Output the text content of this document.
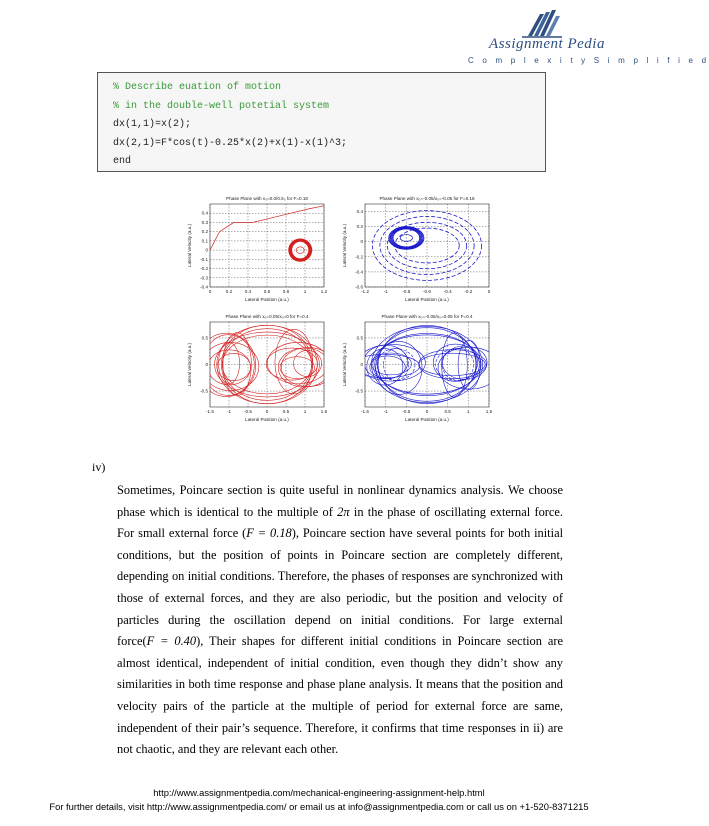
Assignment Pedia
C o m p l e x i t y S i m p l i f i e d
% Describe euation of motion
% in the double-well potetial system
dx(1,1)=x(2);
dx(2,1)=F*cos(t)-0.25*x(2)+x(1)-x(1)^3;
end
Phase Plane with x₀=0.0/0.5₀ for F=0.18
0	0.2	0.4	0.6	0.8	1	1.2
0.4
0.3
0.2
0.1
0
-0.1
-0.2
-0.3
-0.4
Lateral Position (a.u.)
Lateral Velocity (a.u.)
Phase Plane with x₀=-0.05/x₀=-0.05 for F=0.18
-1.2	-1	-0.8	-0.6	-0.4	-0.2	0
0.4
0.2
0
-0.2
-0.4
-0.6
Lateral Position (a.u.)
Lateral Velocity (a.u.)
Phase Plane with x₀=0.05/x₀=0 for F=0.4
-1.5	-1	-0.5	0	0.5	1	1.5
0.5
0
-0.5
Lateral Position (a.u.)
Lateral Velocity (a.u.)
Phase Plane with x₀=-0.05/x₀=0.05 for F=0.4
-1.5	-1	-0.5	0	0.5	1	1.5
0.5
0
-0.5
Lateral Position (a.u.)
Lateral Velocity (a.u.)
iv)
Sometimes, Poincare section is quite useful in nonlinear dynamics analysis. We choose
phase which is identical to the multiple of 2π in the phase of oscillating external force.
For small external force (F = 0.18), Poincare section have several points for both initial
conditions, but the position of points in Poincare section are completely different,
depending on initial conditions. Therefore, the phases of responses are synchronized with
those of external forces, and they are also periodic, but the position and velocity of
particles during the oscillation depend on initial conditions. For large external
force(F = 0.40), Their shapes for different initial conditions in Poincare section are
almost identical, independent of initial condition, even though they didn’t show any
similarities in both time response and phase plane analysis. It means that the position and
velocity pairs of the particle at the multiple of period for external force are same,
independent of their pair’s sequence. Therefore, it confirms that time responses in ii) are
not chaotic, and they are relevant each other.
http://www.assignmentpedia.com/mechanical-engineering-assignment-help.html
For further details, visit http://www.assignmentpedia.com/ or email us at info@assignmentpedia.com or call us on +1-520-8371215
